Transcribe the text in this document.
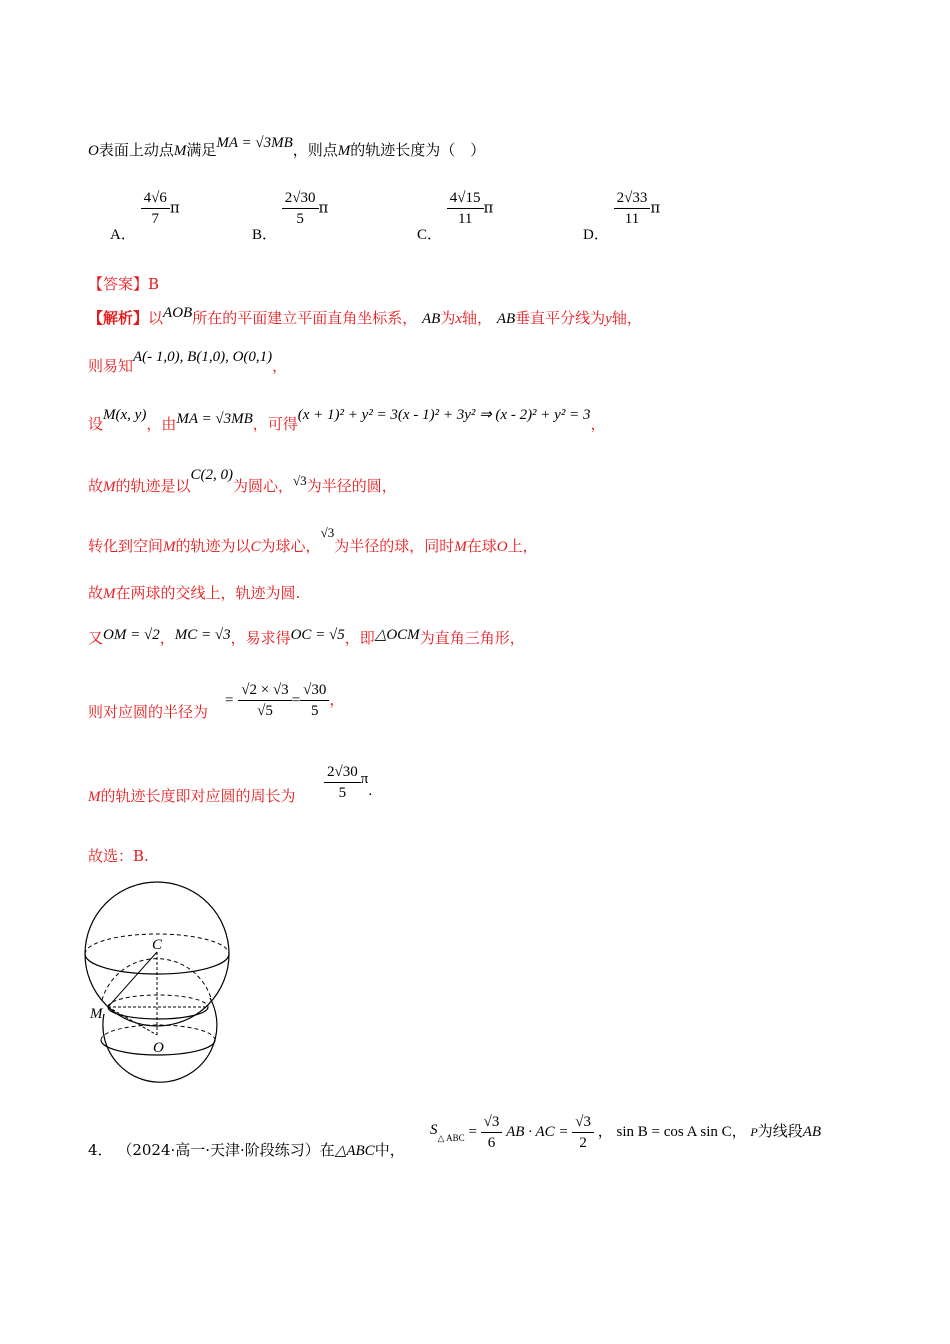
O表面上动点M满足MA = √3MB，则点M的轨迹长度为（　）
A．
$\frac{4√6}{7}$ π
B．
$\frac{2√30}{5}$ π
C．
$\frac{4√15}{11}$ π
D．
$\frac{2√33}{11}$ π
【答案】B
【解析】以AOB所在的平面建立平面直角坐标系， AB为x轴， AB垂直平分线为y轴，
则易知A(- 1,0), B(1,0), O(0,1)，
设M(x, y)，由MA = √3MB，可得(x + 1)² + y² = 3(x - 1)² + 3y² ⇒ (x - 2)² + y² = 3，
故M的轨迹是以C(2, 0)为圆心，√3为半径的圆，
转化到空间M的轨迹为以C为球心，√3为半径的球，同时M在球O上，
故M在两球的交线上，轨迹为圆.
又OM = √2，MC = √3，易求得OC = √5，即△OCM为直角三角形，
则对应圆的半径为
= $\frac{√2 \times √3}{√5} = \frac{√30}{5}$ ，
M的轨迹长度即对应圆的周长为 $\frac{2√30}{5} \pi$.
故选：B.
C
M
O
4． （2024·高一·天津·阶段练习）在△ABC中，
$S_{\triangle ABC} = \frac{√3}{6}$ AB · AC = $\frac{√3}{2}$ ， sin B = cos A sin C， P为线段AB
